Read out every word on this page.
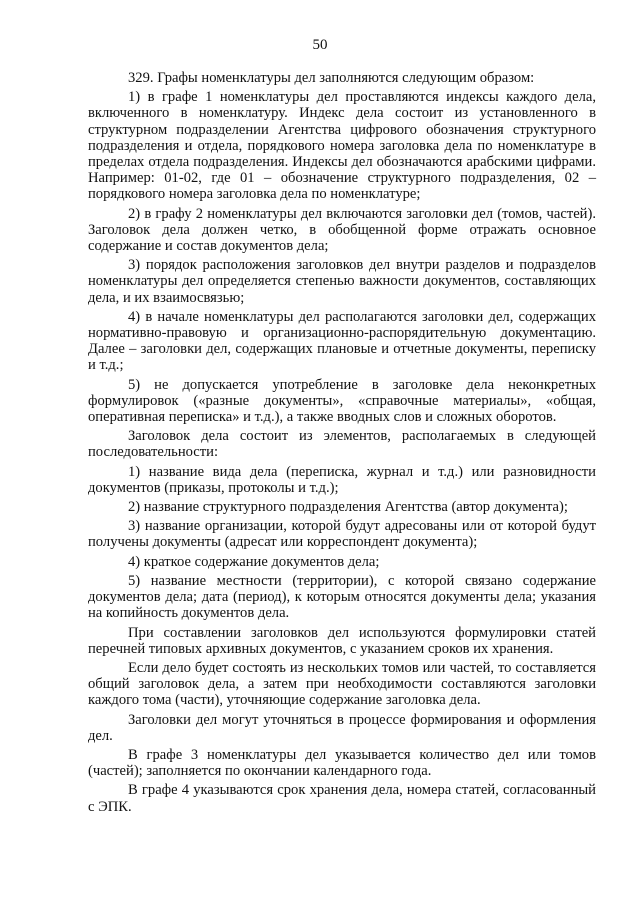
50

329. Графы номенклатуры дел заполняются следующим образом:

1) в графе 1 номенклатуры дел проставляются индексы каждого дела, включенного в номенклатуру. Индекс дела состоит из установленного в структурном подразделении Агентства цифрового обозначения структурного подразделения и отдела, порядкового номера заголовка дела по номенклатуре в пределах отдела подразделения. Индексы дел обозначаются арабскими цифрами. Например: 01-02, где 01 – обозначение структурного подразделения, 02 – порядкового номера заголовка дела по номенклатуре;

2) в графу 2 номенклатуры дел включаются заголовки дел (томов, частей). Заголовок дела должен четко, в обобщенной форме отражать основное содержание и состав документов дела;

3) порядок расположения заголовков дел внутри разделов и подразделов номенклатуры дел определяется степенью важности документов, составляющих дела, и их взаимосвязью;

4) в начале номенклатуры дел располагаются заголовки дел, содержащих нормативно-правовую и организационно-распорядительную документацию. Далее – заголовки дел, содержащих плановые и отчетные документы, переписку и т.д.;

5) не допускается употребление в заголовке дела неконкретных формулировок («разные документы», «справочные материалы», «общая, оперативная переписка» и т.д.), а также вводных слов и сложных оборотов.

Заголовок дела состоит из элементов, располагаемых в следующей последовательности:

1) название вида дела (переписка, журнал и т.д.) или разновидности документов (приказы, протоколы и т.д.);

2) название структурного подразделения Агентства (автор документа);

3) название организации, которой будут адресованы или от которой будут получены документы (адресат или корреспондент документа);

4) краткое содержание документов дела;

5) название местности (территории), с которой связано содержание документов дела; дата (период), к которым относятся документы дела; указания на копийность документов дела.

При составлении заголовков дел используются формулировки статей перечней типовых архивных документов, с указанием сроков их хранения.

Если дело будет состоять из нескольких томов или частей, то составляется общий заголовок дела, а затем при необходимости составляются заголовки каждого тома (части), уточняющие содержание заголовка дела.

Заголовки дел могут уточняться в процессе формирования и оформления дел.

В графе 3 номенклатуры дел указывается количество дел или томов (частей); заполняется по окончании календарного года.

В графе 4 указываются срок хранения дела, номера статей, согласованный с ЭПК.
